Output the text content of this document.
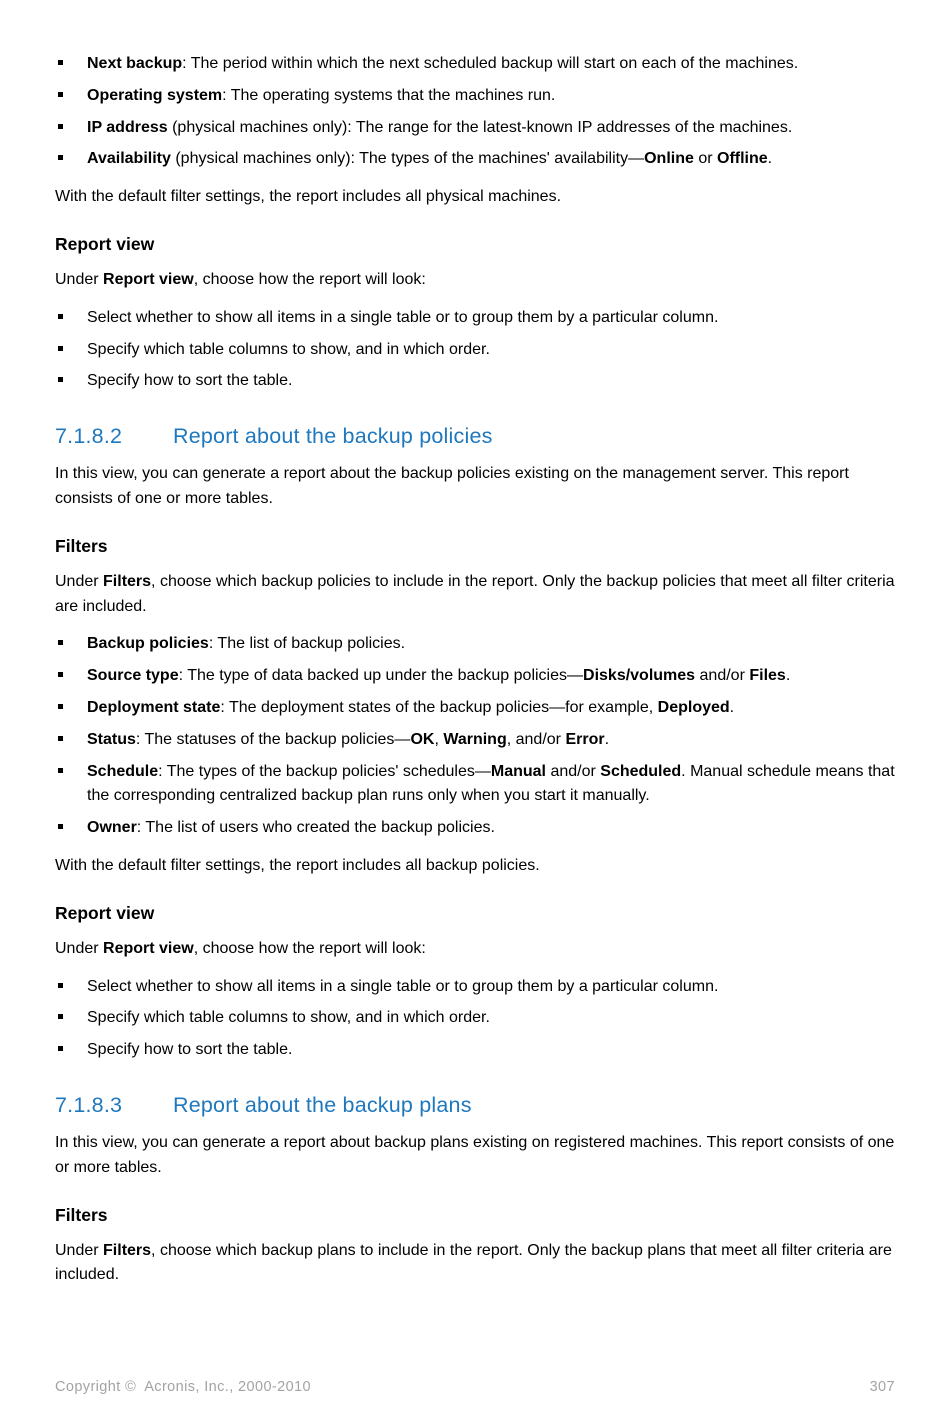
Next backup: The period within which the next scheduled backup will start on each of the machines.
Operating system: The operating systems that the machines run.
IP address (physical machines only): The range for the latest-known IP addresses of the machines.
Availability (physical machines only): The types of the machines' availability—Online or Offline.

With the default filter settings, the report includes all physical machines.

Report view

Under Report view, choose how the report will look:

Select whether to show all items in a single table or to group them by a particular column.
Specify which table columns to show, and in which order.
Specify how to sort the table.
7.1.8.2 Report about the backup policies

In this view, you can generate a report about the backup policies existing on the management server. This report consists of one or more tables.

Filters

Under Filters, choose which backup policies to include in the report. Only the backup policies that meet all filter criteria are included.

Backup policies: The list of backup policies.
Source type: The type of data backed up under the backup policies—Disks/volumes and/or Files.
Deployment state: The deployment states of the backup policies—for example, Deployed.
Status: The statuses of the backup policies—OK, Warning, and/or Error.
Schedule: The types of the backup policies' schedules—Manual and/or Scheduled. Manual schedule means that the corresponding centralized backup plan runs only when you start it manually.
Owner: The list of users who created the backup policies.

With the default filter settings, the report includes all backup policies.

Report view

Under Report view, choose how the report will look:

Select whether to show all items in a single table or to group them by a particular column.
Specify which table columns to show, and in which order.
Specify how to sort the table.
7.1.8.3 Report about the backup plans

In this view, you can generate a report about backup plans existing on registered machines. This report consists of one or more tables.

Filters

Under Filters, choose which backup plans to include in the report. Only the backup plans that meet all filter criteria are included.

Copyright ©  Acronis, Inc., 2000-2010	307
